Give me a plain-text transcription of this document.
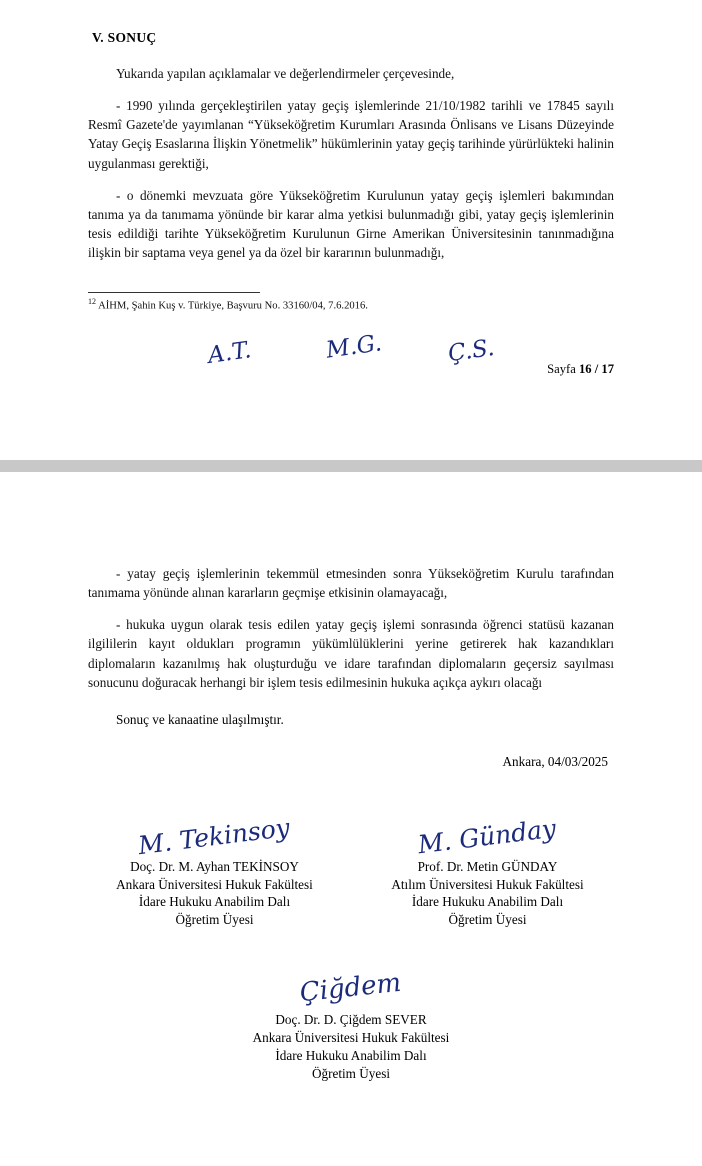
V. SONUÇ

Yukarıda yapılan açıklamalar ve değerlendirmeler çerçevesinde,

- 1990 yılında gerçekleştirilen yatay geçiş işlemlerinde 21/10/1982 tarihli ve 17845 sayılı Resmî Gazete'de yayımlanan “Yükseköğretim Kurumları Arasında Önlisans ve Lisans Düzeyinde Yatay Geçiş Esaslarına İlişkin Yönetmelik” hükümlerinin yatay geçiş tarihinde yürürlükteki halinin uygulanması gerektiği,

- o dönemki mevzuata göre Yükseköğretim Kurulunun yatay geçiş işlemleri bakımından tanıma ya da tanımama yönünde bir karar alma yetkisi bulunmadığı gibi, yatay geçiş işlemlerinin tesis edildiği tarihte Yükseköğretim Kurulunun Girne Amerikan Üniversitesinin tanınmadığına ilişkin bir saptama veya genel ya da özel bir kararının bulunmadığı,

$^{12}$ AİHM, Şahin Kuş v. Türkiye, Başvuru No. 33160/04, 7.6.2016.

A.T.	M.G.	Ç.S.
Sayfa 16 / 17

- yatay geçiş işlemlerinin tekemmül etmesinden sonra Yükseköğretim Kurulu tarafından tanımama yönünde alınan kararların geçmişe etkisinin olamayacağı,

- hukuka uygun olarak tesis edilen yatay geçiş işlemi sonrasında öğrenci statüsü kazanan ilgililerin kayıt oldukları programın yükümlülüklerini yerine getirerek hak kazandıkları diplomaların kazanılmış hak oluşturduğu ve idare tarafından diplomaların geçersiz sayılması sonucunu doğuracak herhangi bir işlem tesis edilmesinin hukuka açıkça aykırı olacağı

Sonuç ve kanaatine ulaşılmıştır.

Ankara, 04/03/2025

M. Tekinsoy
Doç. Dr. M. Ayhan TEKİNSOY
Ankara Üniversitesi Hukuk Fakültesi
İdare Hukuku Anabilim Dalı
Öğretim Üyesi
M. Günday
Prof. Dr. Metin GÜNDAY
Atılım Üniversitesi Hukuk Fakültesi
İdare Hukuku Anabilim Dalı
Öğretim Üyesi
Çiğdem
Doç. Dr. D. Çiğdem SEVER
Ankara Üniversitesi Hukuk Fakültesi
İdare Hukuku Anabilim Dalı
Öğretim Üyesi
